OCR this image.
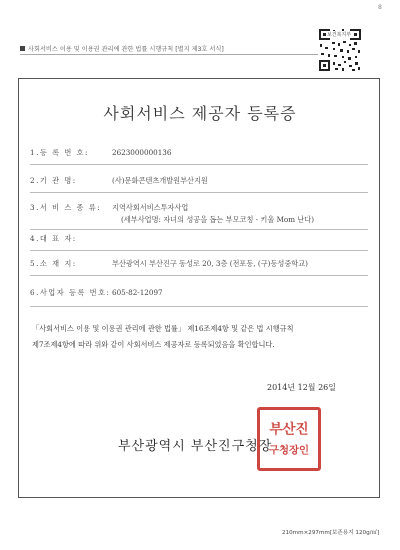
8
사회서비스 이용 및 이용권 관리에 관한 법률 시행규칙 [별지 제3호 서식]
보건복지부
사회서비스 제공자 등록증
1.등 록 번 호:	2623000000136
2.기 관 명:	(사)문화콘텐츠개발원부산지원
3.서 비 스 종 류: 지역사회서비스투자사업
(세부사업명: 자녀의 성공을 돕는 부모코칭 - 키울 Mom 난다)
4.대 표 자:
5.소 재 지:	부산광역시 부산진구 동성로 20, 3층 (전포동, (구)동성중학교)
6.사업자 등록 번호: 605-82-12097
「사회서비스 이용 및 이용권 관리에 관한 법률」 제16조제4항 및 같은 법 시행규칙
제7조제4항에 따라 위와 같이 사회서비스 제공자로 등록되었음을 확인합니다.
2014년 12월 26일
부산진
구청장인
부산광역시 부산진구청장
210mm×297mm[보존용지 120g/㎡]
